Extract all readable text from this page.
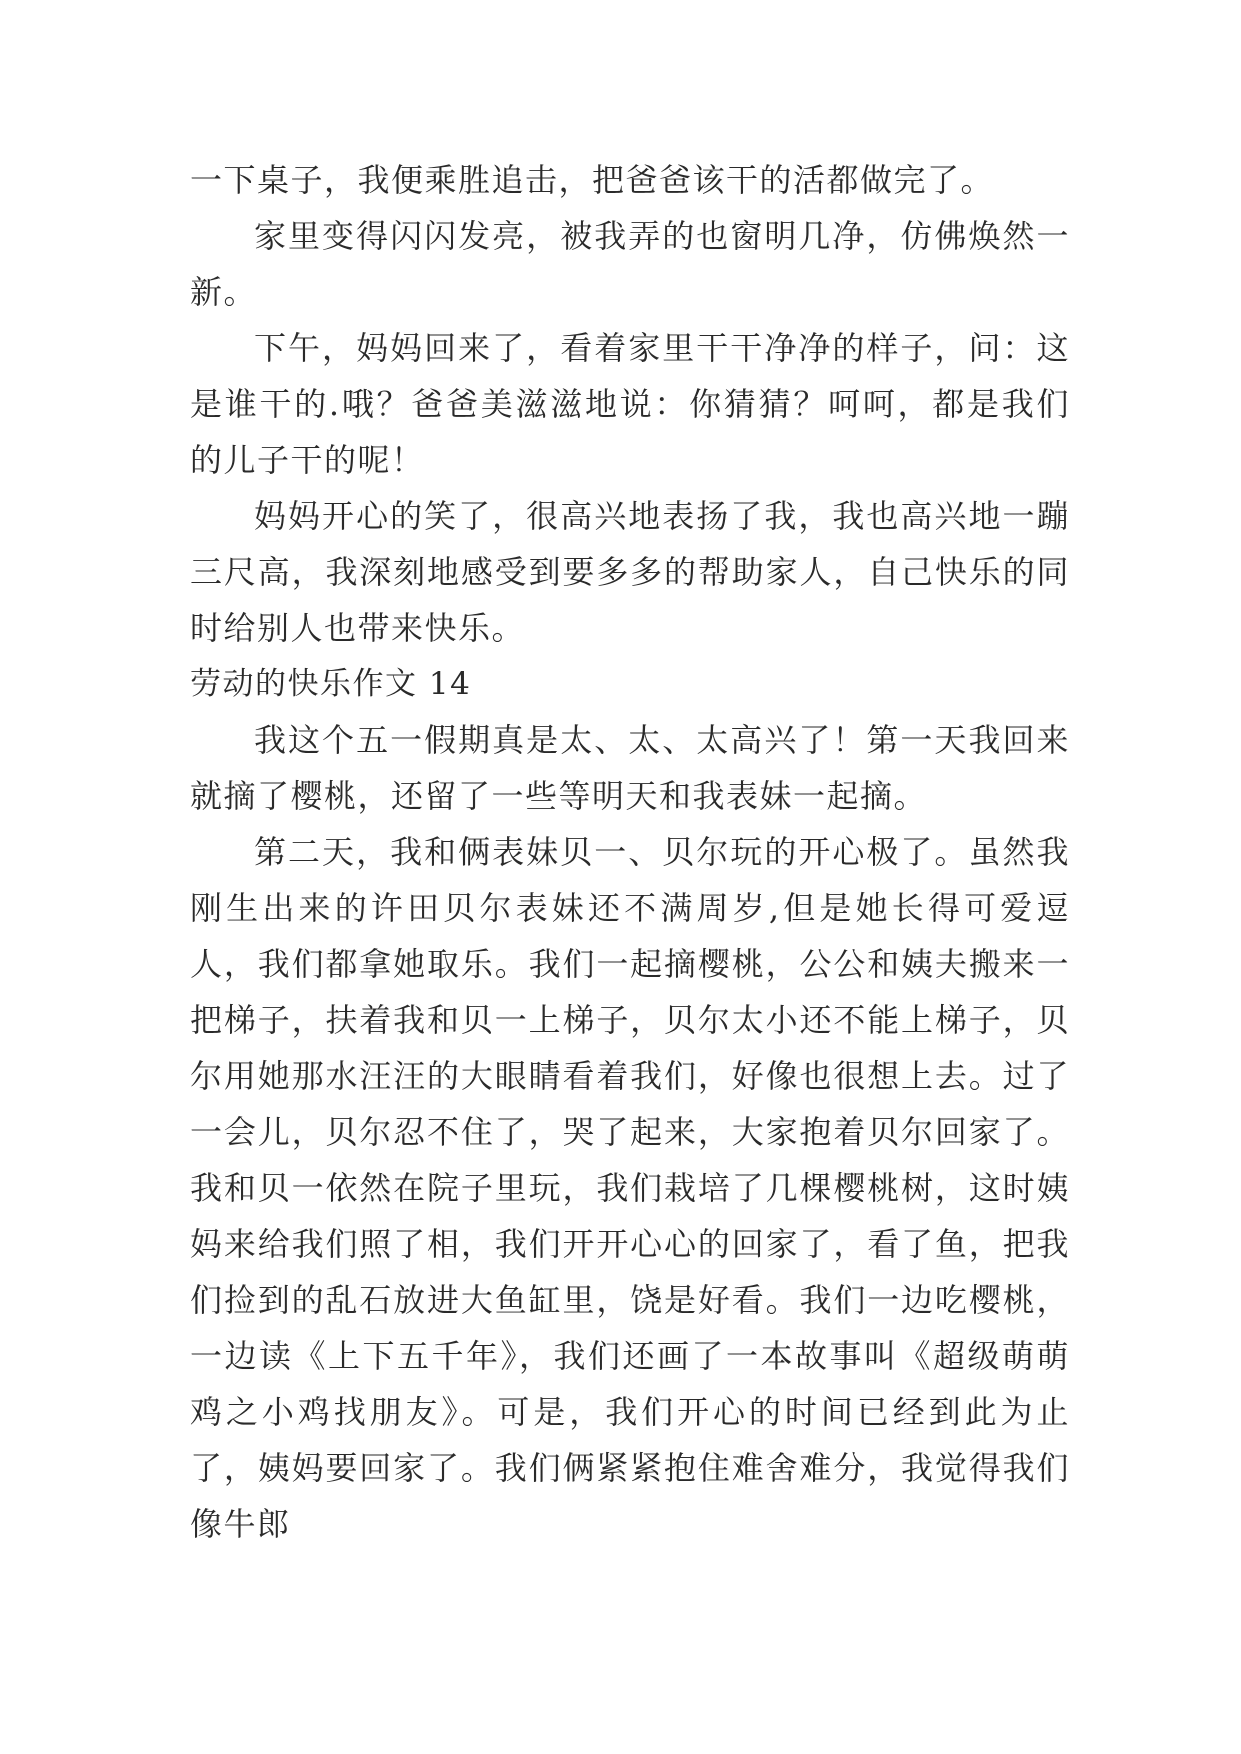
一下桌子，我便乘胜追击，把爸爸该干的活都做完了。

家里变得闪闪发亮，被我弄的也窗明几净，仿佛焕然一新。

下午，妈妈回来了，看着家里干干净净的样子，问：这是谁干的.哦？爸爸美滋滋地说：你猜猜？呵呵，都是我们的儿子干的呢！

妈妈开心的笑了，很高兴地表扬了我，我也高兴地一蹦三尺高，我深刻地感受到要多多的帮助家人，自己快乐的同时给别人也带来快乐。

劳动的快乐作文 14

我这个五一假期真是太、太、太高兴了！第一天我回来就摘了樱桃，还留了一些等明天和我表妹一起摘。

第二天，我和俩表妹贝一、贝尔玩的开心极了。虽然我刚生出来的许田贝尔表妹还不满周岁,但是她长得可爱逗人，我们都拿她取乐。我们一起摘樱桃，公公和姨夫搬来一把梯子，扶着我和贝一上梯子，贝尔太小还不能上梯子，贝尔用她那水汪汪的大眼睛看着我们，好像也很想上去。过了一会儿，贝尔忍不住了，哭了起来，大家抱着贝尔回家了。我和贝一依然在院子里玩，我们栽培了几棵樱桃树，这时姨妈来给我们照了相，我们开开心心的回家了，看了鱼，把我们捡到的乱石放进大鱼缸里，饶是好看。我们一边吃樱桃，一边读《上下五千年》，我们还画了一本故事叫《超级萌萌鸡之小鸡找朋友》。可是，我们开心的时间已经到此为止了，姨妈要回家了。我们俩紧紧抱住难舍难分，我觉得我们像牛郎
